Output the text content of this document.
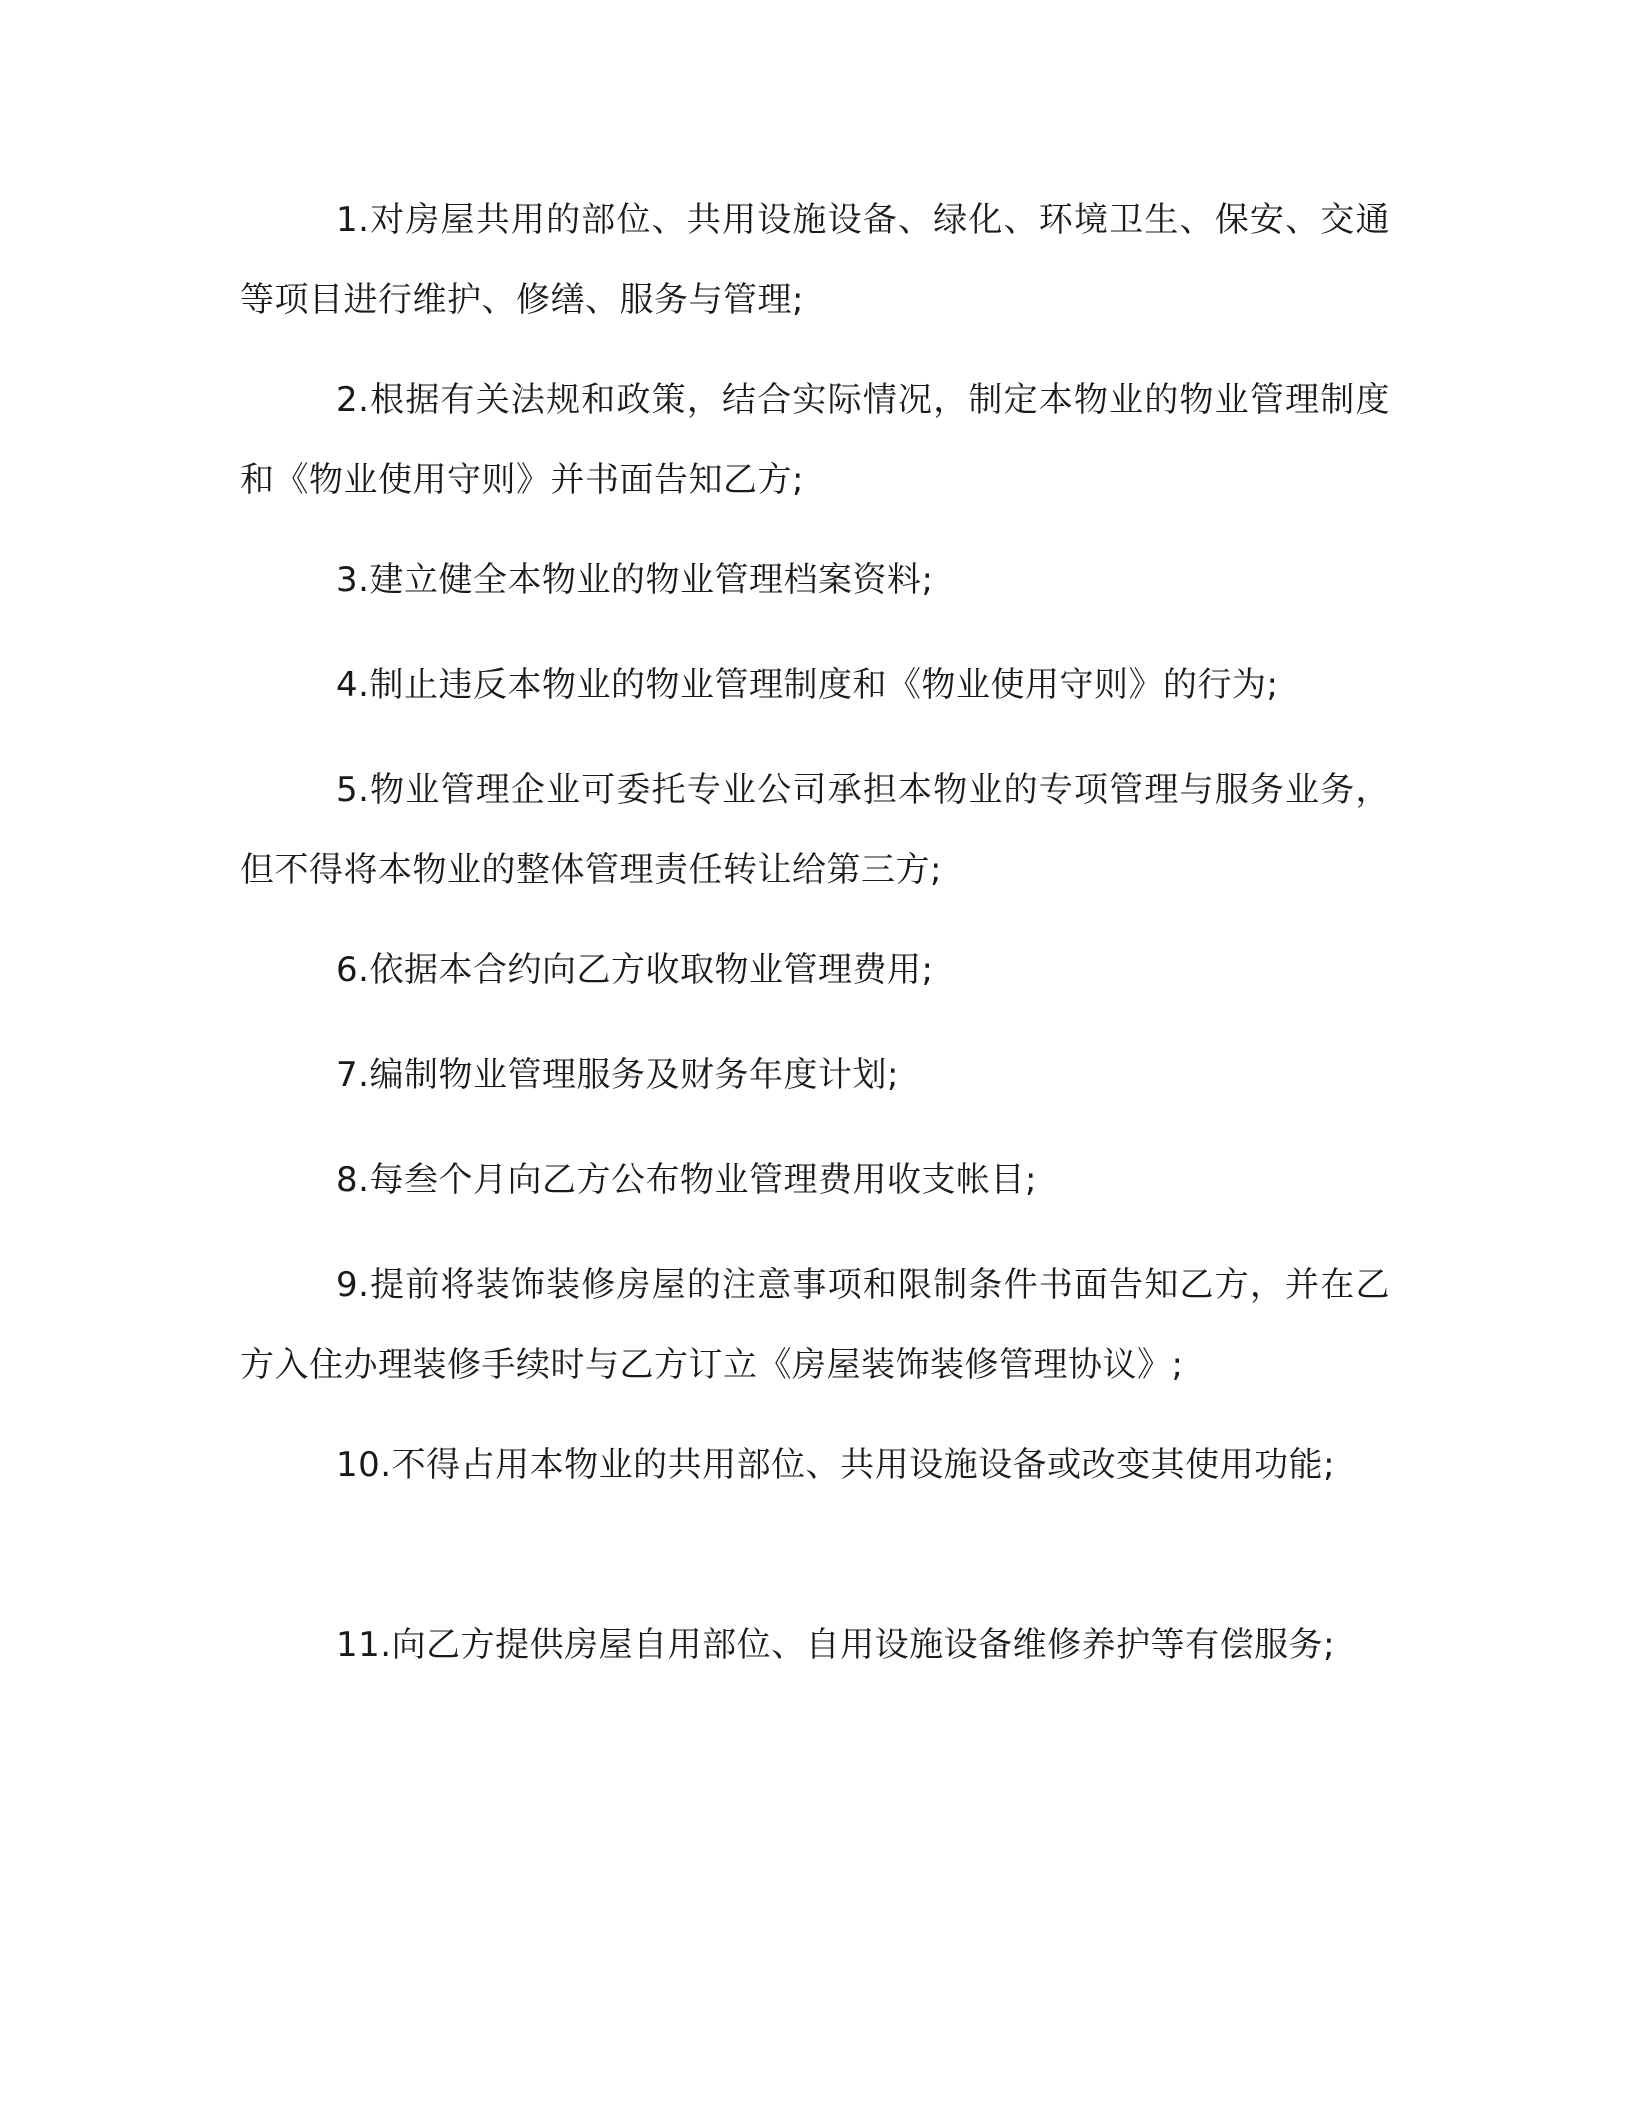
1.对房屋共用的部位、共用设施设备、绿化、环境卫生、保安、交通等项目进行维护、修缮、服务与管理;

2.根据有关法规和政策，结合实际情况，制定本物业的物业管理制度和《物业使用守则》并书面告知乙方;

3.建立健全本物业的物业管理档案资料;

4.制止违反本物业的物业管理制度和《物业使用守则》的行为;

5.物业管理企业可委托专业公司承担本物业的专项管理与服务业务，但不得将本物业的整体管理责任转让给第三方;

6.依据本合约向乙方收取物业管理费用;

7.编制物业管理服务及财务年度计划;

8.每叁个月向乙方公布物业管理费用收支帐目;

9.提前将装饰装修房屋的注意事项和限制条件书面告知乙方，并在乙方入住办理装修手续时与乙方订立《房屋装饰装修管理协议》;

10.不得占用本物业的共用部位、共用设施设备或改变其使用功能;

11.向乙方提供房屋自用部位、自用设施设备维修养护等有偿服务;
